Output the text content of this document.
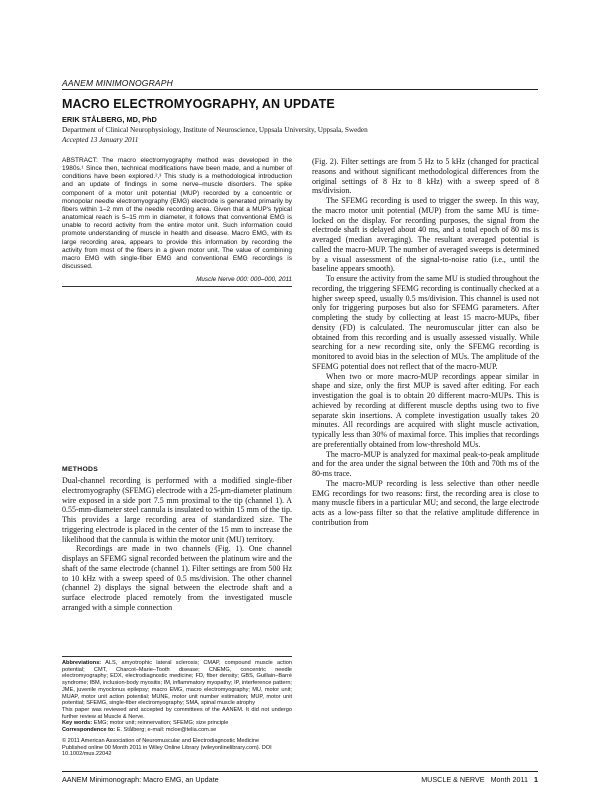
AANEM MINIMONOGRAPH
MACRO ELECTROMYOGRAPHY, AN UPDATE
ERIK STÅLBERG, MD, PhD
Department of Clinical Neurophysiology, Institute of Neuroscience, Uppsala University, Uppsala, Sweden
Accepted 13 January 2011
ABSTRACT: The macro electromyography method was developed in the 1980s.¹ Since then, technical modifications have been made, and a number of conditions have been explored.²,³ This study is a methodological introduction and an update of findings in some nerve–muscle disorders. The spike component of a motor unit potential (MUP) recorded by a concentric or monopolar needle electromyography (EMG) electrode is generated primarily by fibers within 1–2 mm of the needle recording area. Given that a MUP's typical anatomical reach is 5–15 mm in diameter, it follows that conventional EMG is unable to record activity from the entire motor unit. Such information could promote understanding of muscle in health and disease. Macro EMG, with its large recording area, appears to provide this information by recording the activity from most of the fibers in a given motor unit. The value of combining macro EMG with single-fiber EMG and conventional EMG recordings is discussed.
Muscle Nerve 000: 000–000, 2011
METHODS

Dual-channel recording is performed with a modified single-fiber electromyography (SFEMG) electrode with a 25-μm-diameter platinum wire exposed in a side port 7.5 mm proximal to the tip (channel 1). A 0.55-mm-diameter steel cannula is insulated to within 15 mm of the tip. This provides a large recording area of standardized size. The triggering electrode is placed in the center of the 15 mm to increase the likelihood that the cannula is within the motor unit (MU) territory.

Recordings are made in two channels (Fig. 1). One channel displays an SFEMG signal recorded between the platinum wire and the shaft of the same electrode (channel 1). Filter settings are from 500 Hz to 10 kHz with a sweep speed of 0.5 ms/division. The other channel (channel 2) displays the signal between the electrode shaft and a surface electrode placed remotely from the investigated muscle arranged with a simple connection

Abbreviations: ALS, amyotrophic lateral sclerosis; CMAP, compound muscle action potential; CMT, Charcot–Marie–Tooth disease; CNEMG, concentric needle electromyography; EDX, electrodiagnostic medicine; FD, fiber density; GBS, Guillain–Barré syndrome; IBM, inclusion-body myositis; IM, inflammatory myopathy; IP, interference pattern; JME, juvenile myoclonus epilepsy; macro EMG, macro electromyography; MU, motor unit; MUAP, motor unit action potential; MUNE, motor unit number estimation; MUP, motor unit potential; SFEMG, single-fiber electromyography; SMA, spinal muscle atrophy

This paper was reviewed and accepted by committees of the AANEM. It did not undergo further review at Muscle & Nerve.

Key words: EMG; motor unit; reinnervation; SFEMG; size principle

Correspondence to: E. Stålberg; e-mail: mcloe@telia.com.se

© 2011 American Association of Neuromuscular and Electrodiagnostic Medicine
Published online 00 Month 2011 in Wiley Online Library (wileyonlinelibrary.com). DOI 10.1002/mus.22042

(Fig. 2). Filter settings are from 5 Hz to 5 kHz (changed for practical reasons and without significant methodological differences from the original settings of 8 Hz to 8 kHz) with a sweep speed of 8 ms/division.

The SFEMG recording is used to trigger the sweep. In this way, the macro motor unit potential (MUP) from the same MU is time-locked on the display. For recording purposes, the signal from the electrode shaft is delayed about 40 ms, and a total epoch of 80 ms is averaged (median averaging). The resultant averaged potential is called the macro-MUP. The number of averaged sweeps is determined by a visual assessment of the signal-to-noise ratio (i.e., until the baseline appears smooth).

To ensure the activity from the same MU is studied throughout the recording, the triggering SFEMG recording is continually checked at a higher sweep speed, usually 0.5 ms/division. This channel is used not only for triggering purposes but also for SFEMG parameters. After completing the study by collecting at least 15 macro-MUPs, fiber density (FD) is calculated. The neuromuscular jitter can also be obtained from this recording and is usually assessed visually. While searching for a new recording site, only the SFEMG recording is monitored to avoid bias in the selection of MUs. The amplitude of the SFEMG potential does not reflect that of the macro-MUP.

When two or more macro-MUP recordings appear similar in shape and size, only the first MUP is saved after editing. For each investigation the goal is to obtain 20 different macro-MUPs. This is achieved by recording at different muscle depths using two to five separate skin insertions. A complete investigation usually takes 20 minutes. All recordings are acquired with slight muscle activation, typically less than 30% of maximal force. This implies that recordings are preferentially obtained from low-threshold MUs.

The macro-MUP is analyzed for maximal peak-to-peak amplitude and for the area under the signal between the 10th and 70th ms of the 80-ms trace.

The macro-MUP recording is less selective than other needle EMG recordings for two reasons: first, the recording area is close to many muscle fibers in a particular MU; and second, the large electrode acts as a low-pass filter so that the relative amplitude difference in contribution from

AANEM Minimonograph: Macro EMG, an Update	MUSCLE & NERVE Month 2011 1
